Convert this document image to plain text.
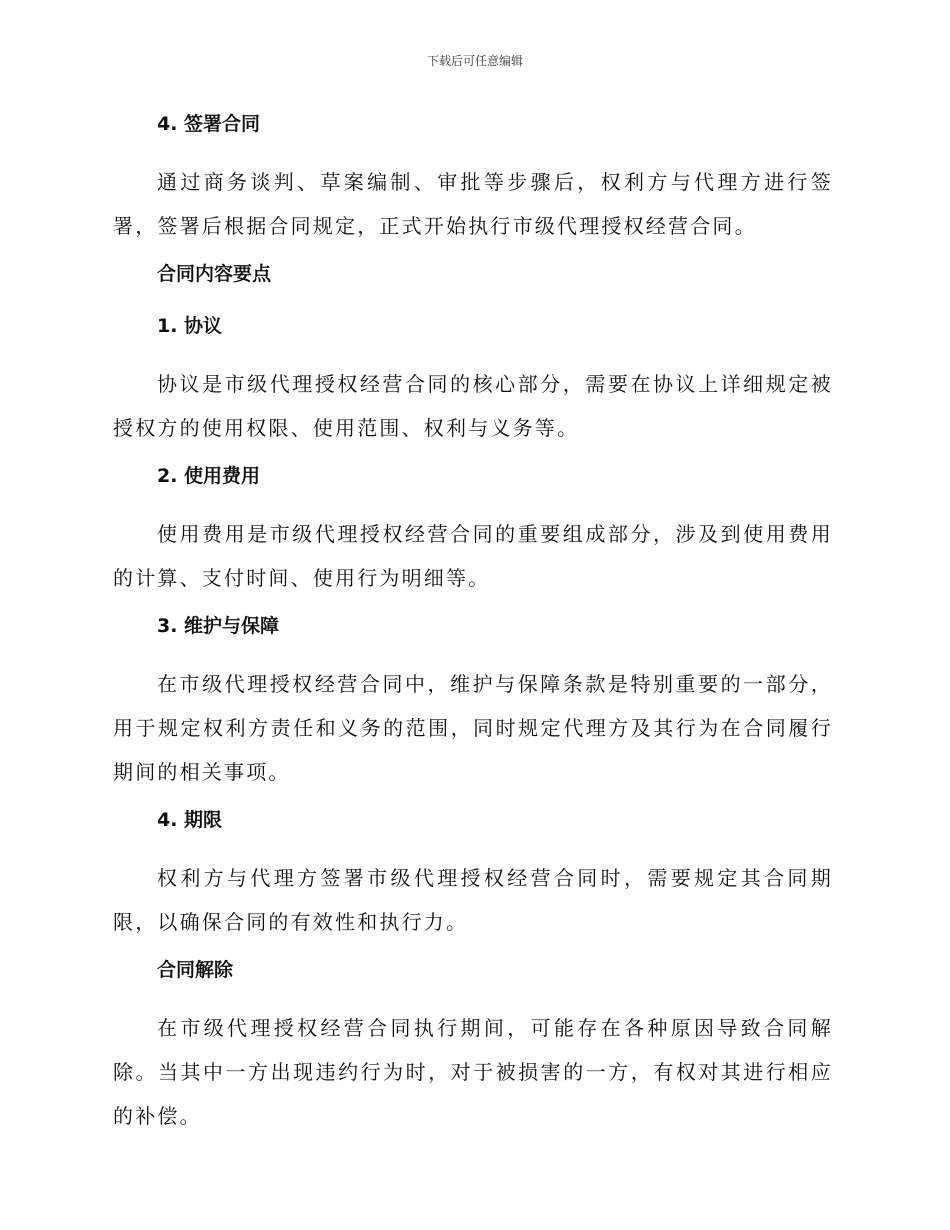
下载后可任意编辑
4. 签署合同

通过商务谈判、草案编制、审批等步骤后，权利方与代理方进行签署，签署后根据合同规定，正式开始执行市级代理授权经营合同。

合同内容要点
1. 协议

协议是市级代理授权经营合同的核心部分，需要在协议上详细规定被授权方的使用权限、使用范围、权利与义务等。

2. 使用费用

使用费用是市级代理授权经营合同的重要组成部分，涉及到使用费用的计算、支付时间、使用行为明细等。

3. 维护与保障

在市级代理授权经营合同中，维护与保障条款是特别重要的一部分，用于规定权利方责任和义务的范围，同时规定代理方及其行为在合同履行期间的相关事项。

4. 期限

权利方与代理方签署市级代理授权经营合同时，需要规定其合同期限，以确保合同的有效性和执行力。

合同解除

在市级代理授权经营合同执行期间，可能存在各种原因导致合同解除。当其中一方出现违约行为时，对于被损害的一方，有权对其进行相应的补偿。
